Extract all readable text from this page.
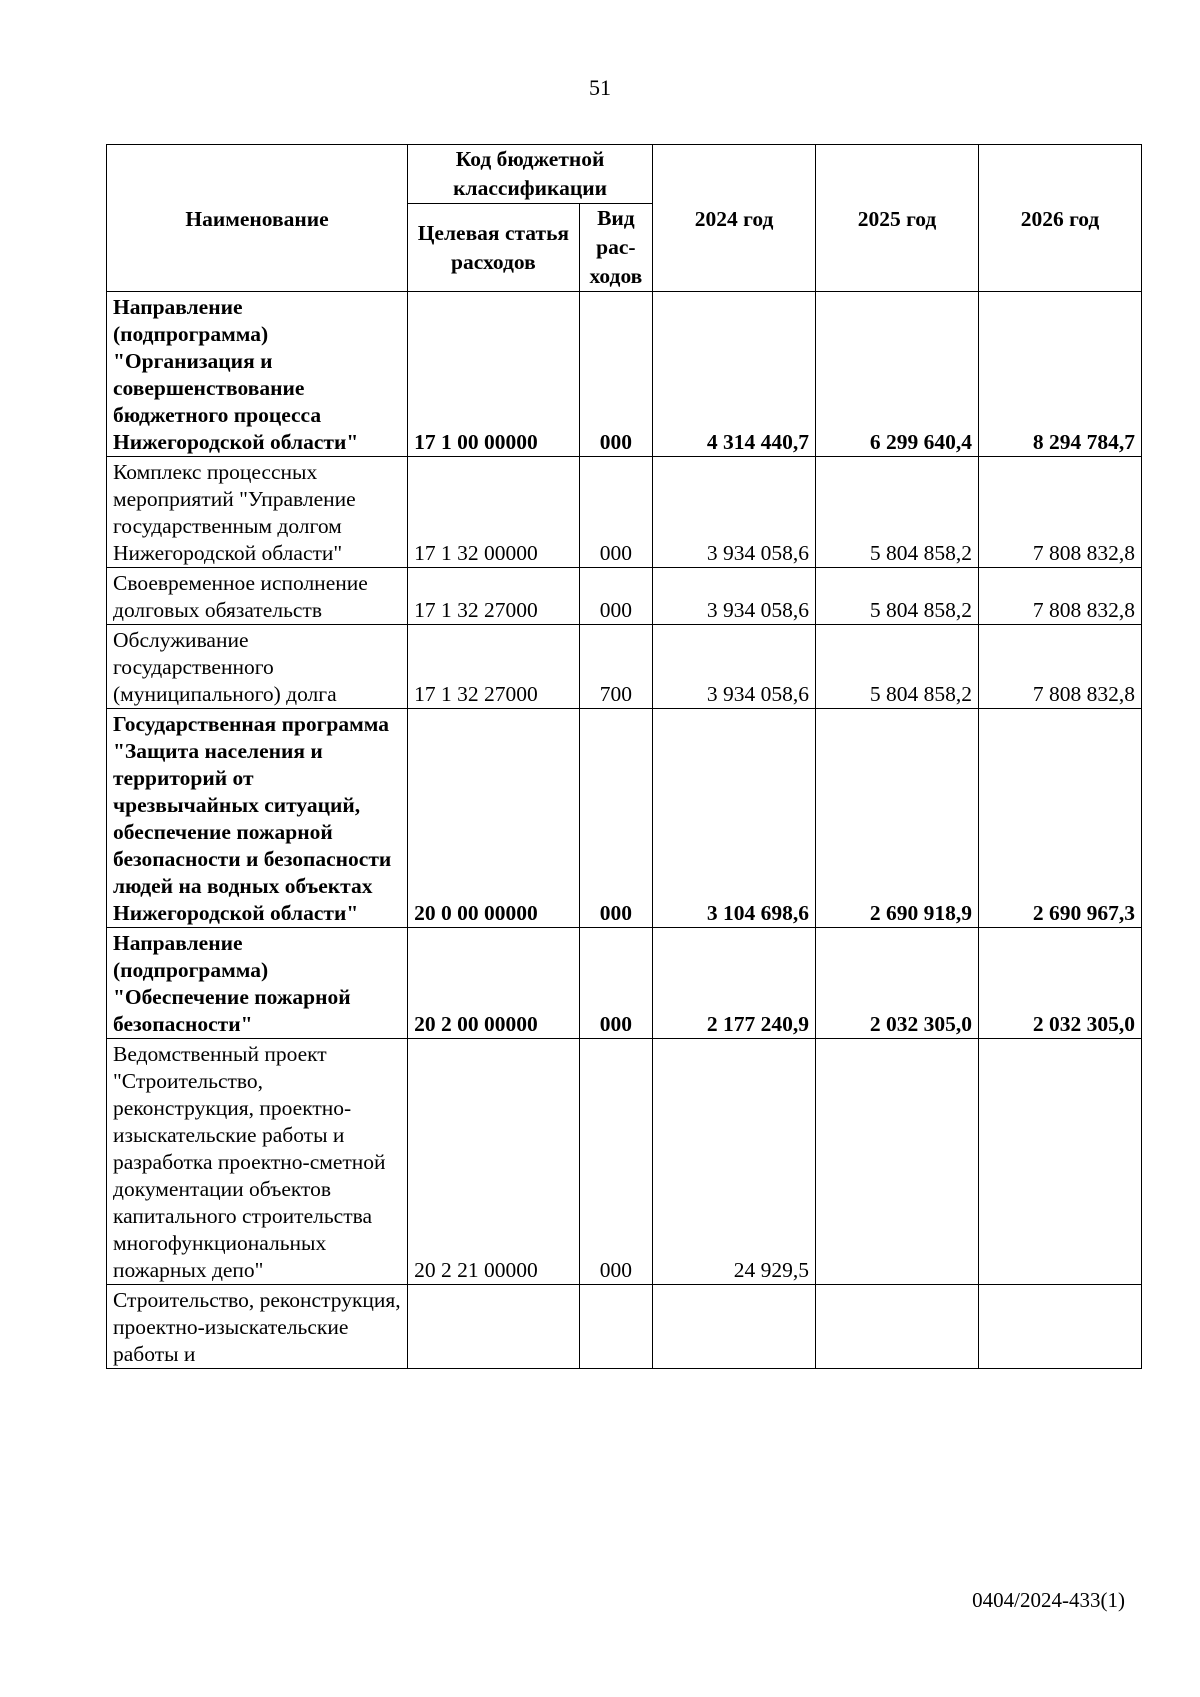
51
Наименование	Код бюджетной классификации		2024 год	2025 год	2026 год
	Целевая статья расходов	Вид рас-ходов			
Направление (подпрограмма) "Организация и совершенствование бюджетного процесса Нижегородской области"	17 1 00 00000	000	4 314 440,7	6 299 640,4	8 294 784,7
Комплекс процессных мероприятий "Управление государственным долгом Нижегородской области"	17 1 32 00000	000	3 934 058,6	5 804 858,2	7 808 832,8
Своевременное исполнение долговых обязательств	17 1 32 27000	000	3 934 058,6	5 804 858,2	7 808 832,8
Обслуживание государственного (муниципального) долга	17 1 32 27000	700	3 934 058,6	5 804 858,2	7 808 832,8
Государственная программа "Защита населения и территорий от чрезвычайных ситуаций, обеспечение пожарной безопасности и безопасности людей на водных объектах Нижегородской области"	20 0 00 00000	000	3 104 698,6	2 690 918,9	2 690 967,3
Направление (подпрограмма) "Обеспечение пожарной безопасности"	20 2 00 00000	000	2 177 240,9	2 032 305,0	2 032 305,0
Ведомственный проект "Строительство, реконструкция, проектно-изыскательские работы и разработка проектно-сметной документации объектов капитального строительства многофункциональных пожарных депо"	20 2 21 00000	000	24 929,5		
Строительство, реконструкция, проектно-изыскательские работы и					
0404/2024-433(1)
